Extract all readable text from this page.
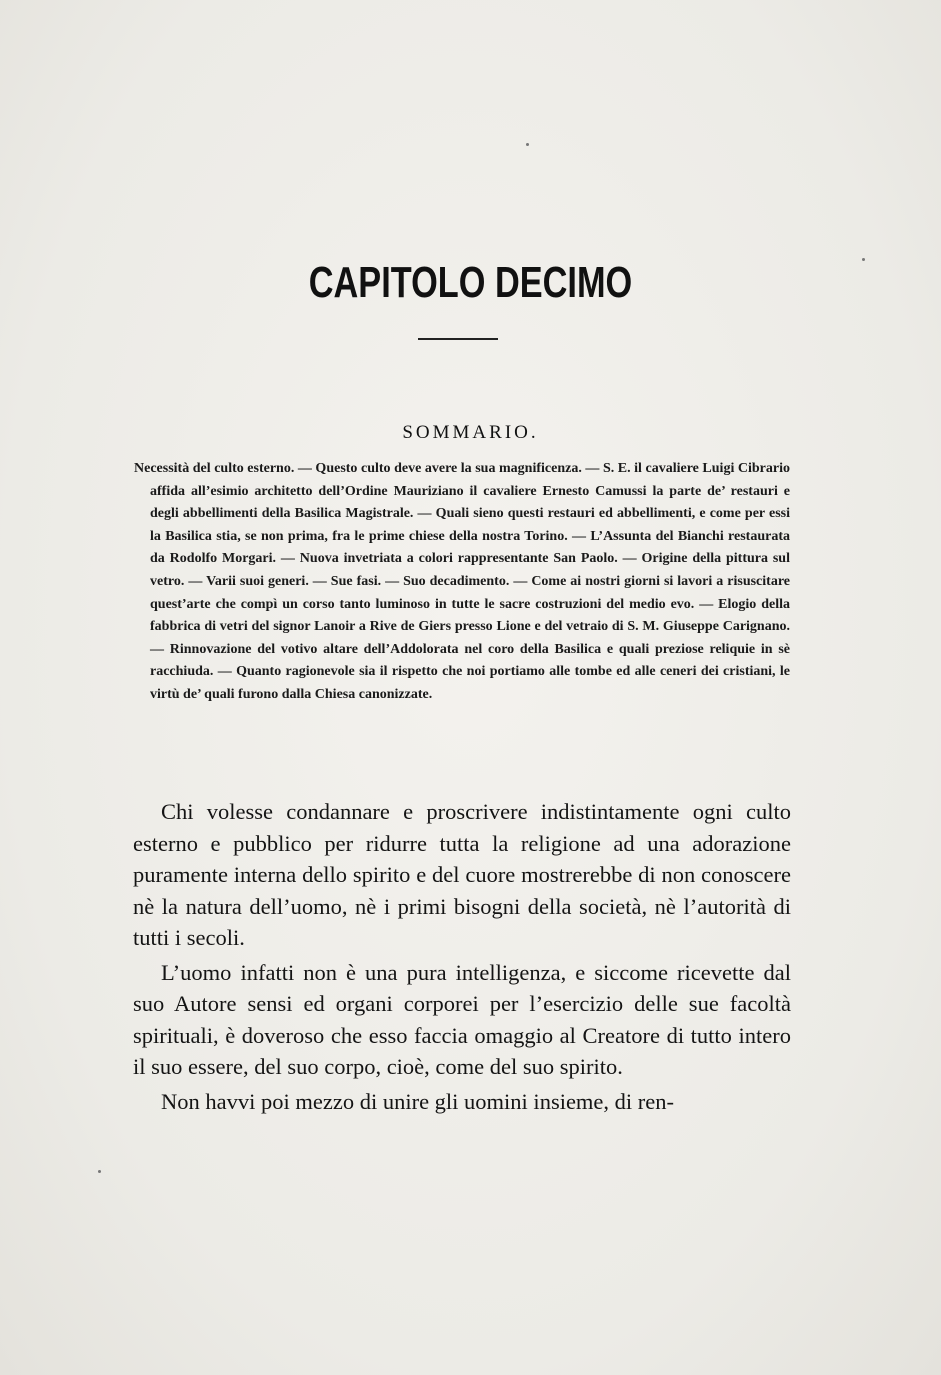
CAPITOLO DECIMO
SOMMARIO.
Necessità del culto esterno. — Questo culto deve avere la sua magnificenza. — S. E. il cavaliere Luigi Cibrario affida all’esimio architetto dell’Ordine Mauriziano il cavaliere Ernesto Camussi la parte de’ restauri e degli abbellimenti della Basilica Magistrale. — Quali sieno questi restauri ed abbellimenti, e come per essi la Basilica stia, se non prima, fra le prime chiese della nostra Torino. — L’Assunta del Bianchi restaurata da Rodolfo Morgari. — Nuova invetriata a colori rappresentante San Paolo. — Origine della pittura sul vetro. — Varii suoi generi. — Sue fasi. — Suo decadimento. — Come ai nostri giorni si lavori a risuscitare quest’arte che compì un corso tanto luminoso in tutte le sacre costruzioni del medio evo. — Elogio della fabbrica di vetri del signor Lanoir a Rive de Giers presso Lione e del vetraio di S. M. Giuseppe Carignano. — Rinnovazione del votivo altare dell’Addolorata nel coro della Basilica e quali preziose reliquie in sè racchiuda. — Quanto ragionevole sia il rispetto che noi portiamo alle tombe ed alle ceneri dei cristiani, le virtù de’ quali furono dalla Chiesa canonizzate.

Chi volesse condannare e proscrivere indistintamente ogni culto esterno e pubblico per ridurre tutta la religione ad una adorazione puramente interna dello spirito e del cuore mostrerebbe di non conoscere nè la natura dell’uomo, nè i primi bisogni della società, nè l’autorità di tutti i secoli.

L’uomo infatti non è una pura intelligenza, e siccome ricevette dal suo Autore sensi ed organi corporei per l’esercizio delle sue facoltà spirituali, è doveroso che esso faccia omaggio al Creatore di tutto intero il suo essere, del suo corpo, cioè, come del suo spirito.

Non havvi poi mezzo di unire gli uomini insieme, di ren-
